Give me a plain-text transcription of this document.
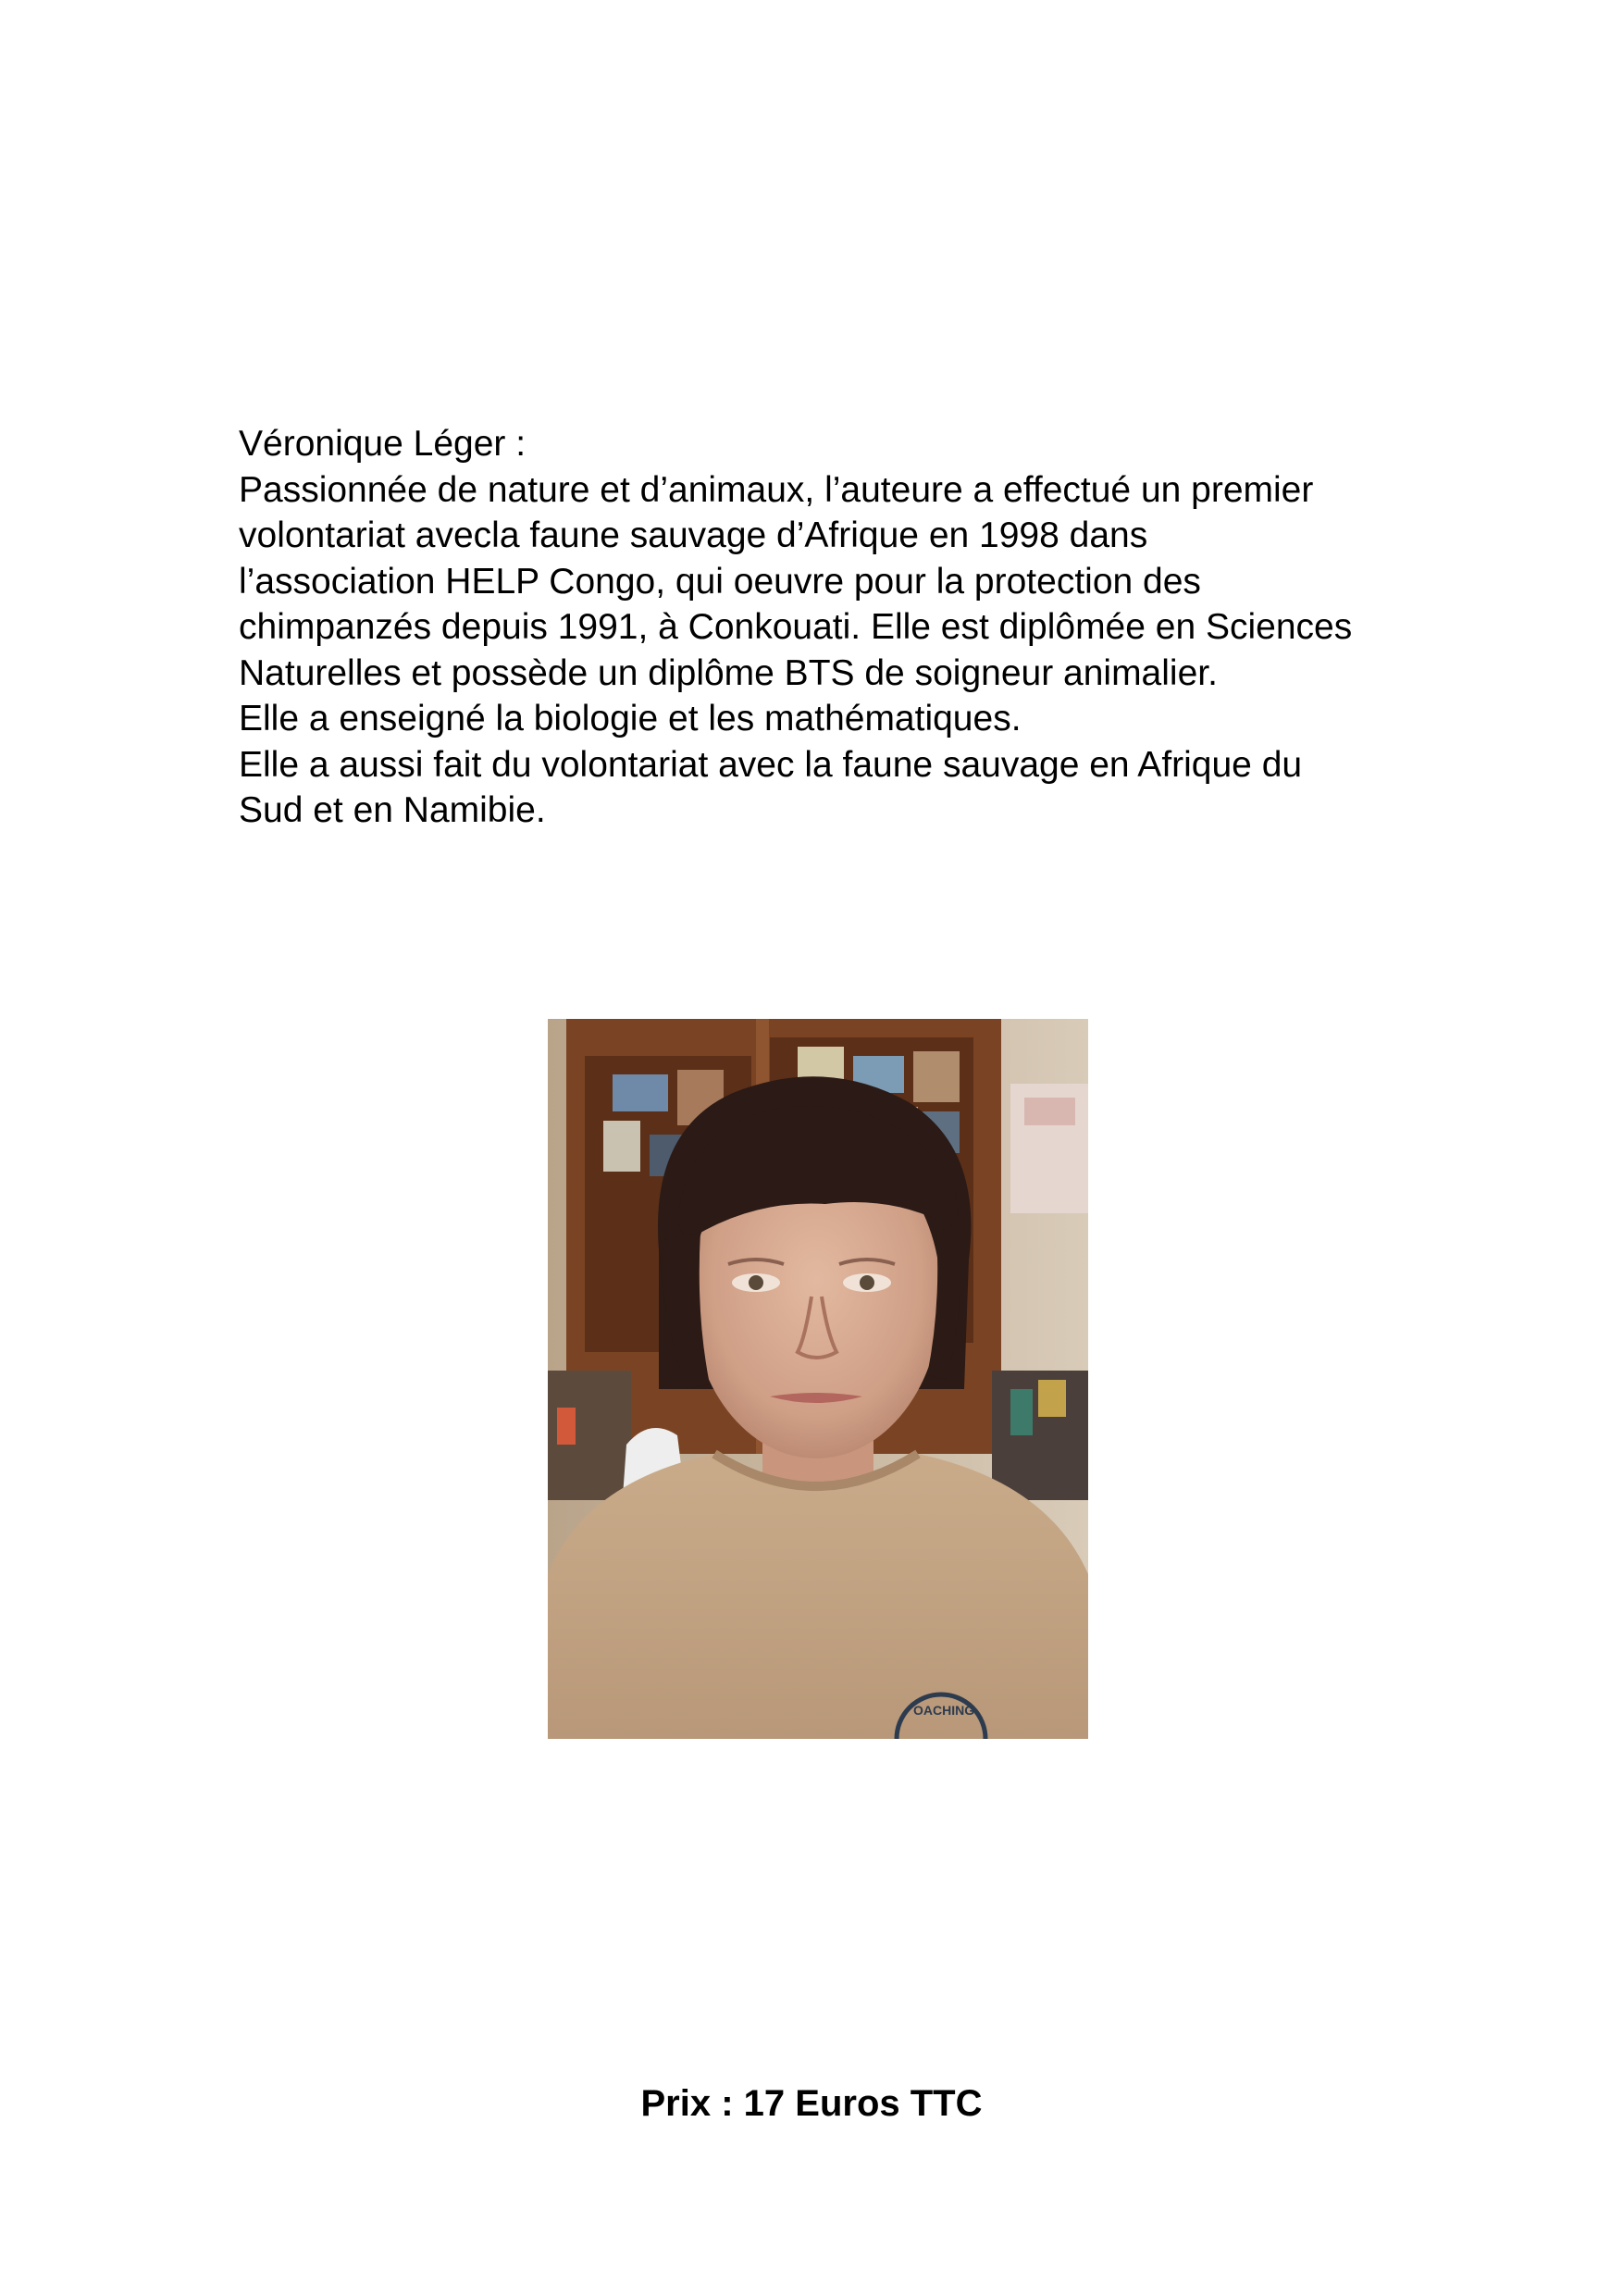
Véronique Léger :

Passionnée de nature et d’animaux, l’auteure a effectué un premier

volontariat avecla faune sauvage d’Afrique en 1998 dans

l’association HELP Congo, qui oeuvre pour la protection des

chimpanzés depuis 1991, à Conkouati. Elle est diplômée en Sciences

Naturelles et possède un diplôme BTS de soigneur animalier.

Elle a enseigné la biologie et les mathématiques.

Elle a aussi fait du volontariat avec la faune sauvage en Afrique du

Sud et en Namibie.

OACHING
Prix : 17 Euros TTC
